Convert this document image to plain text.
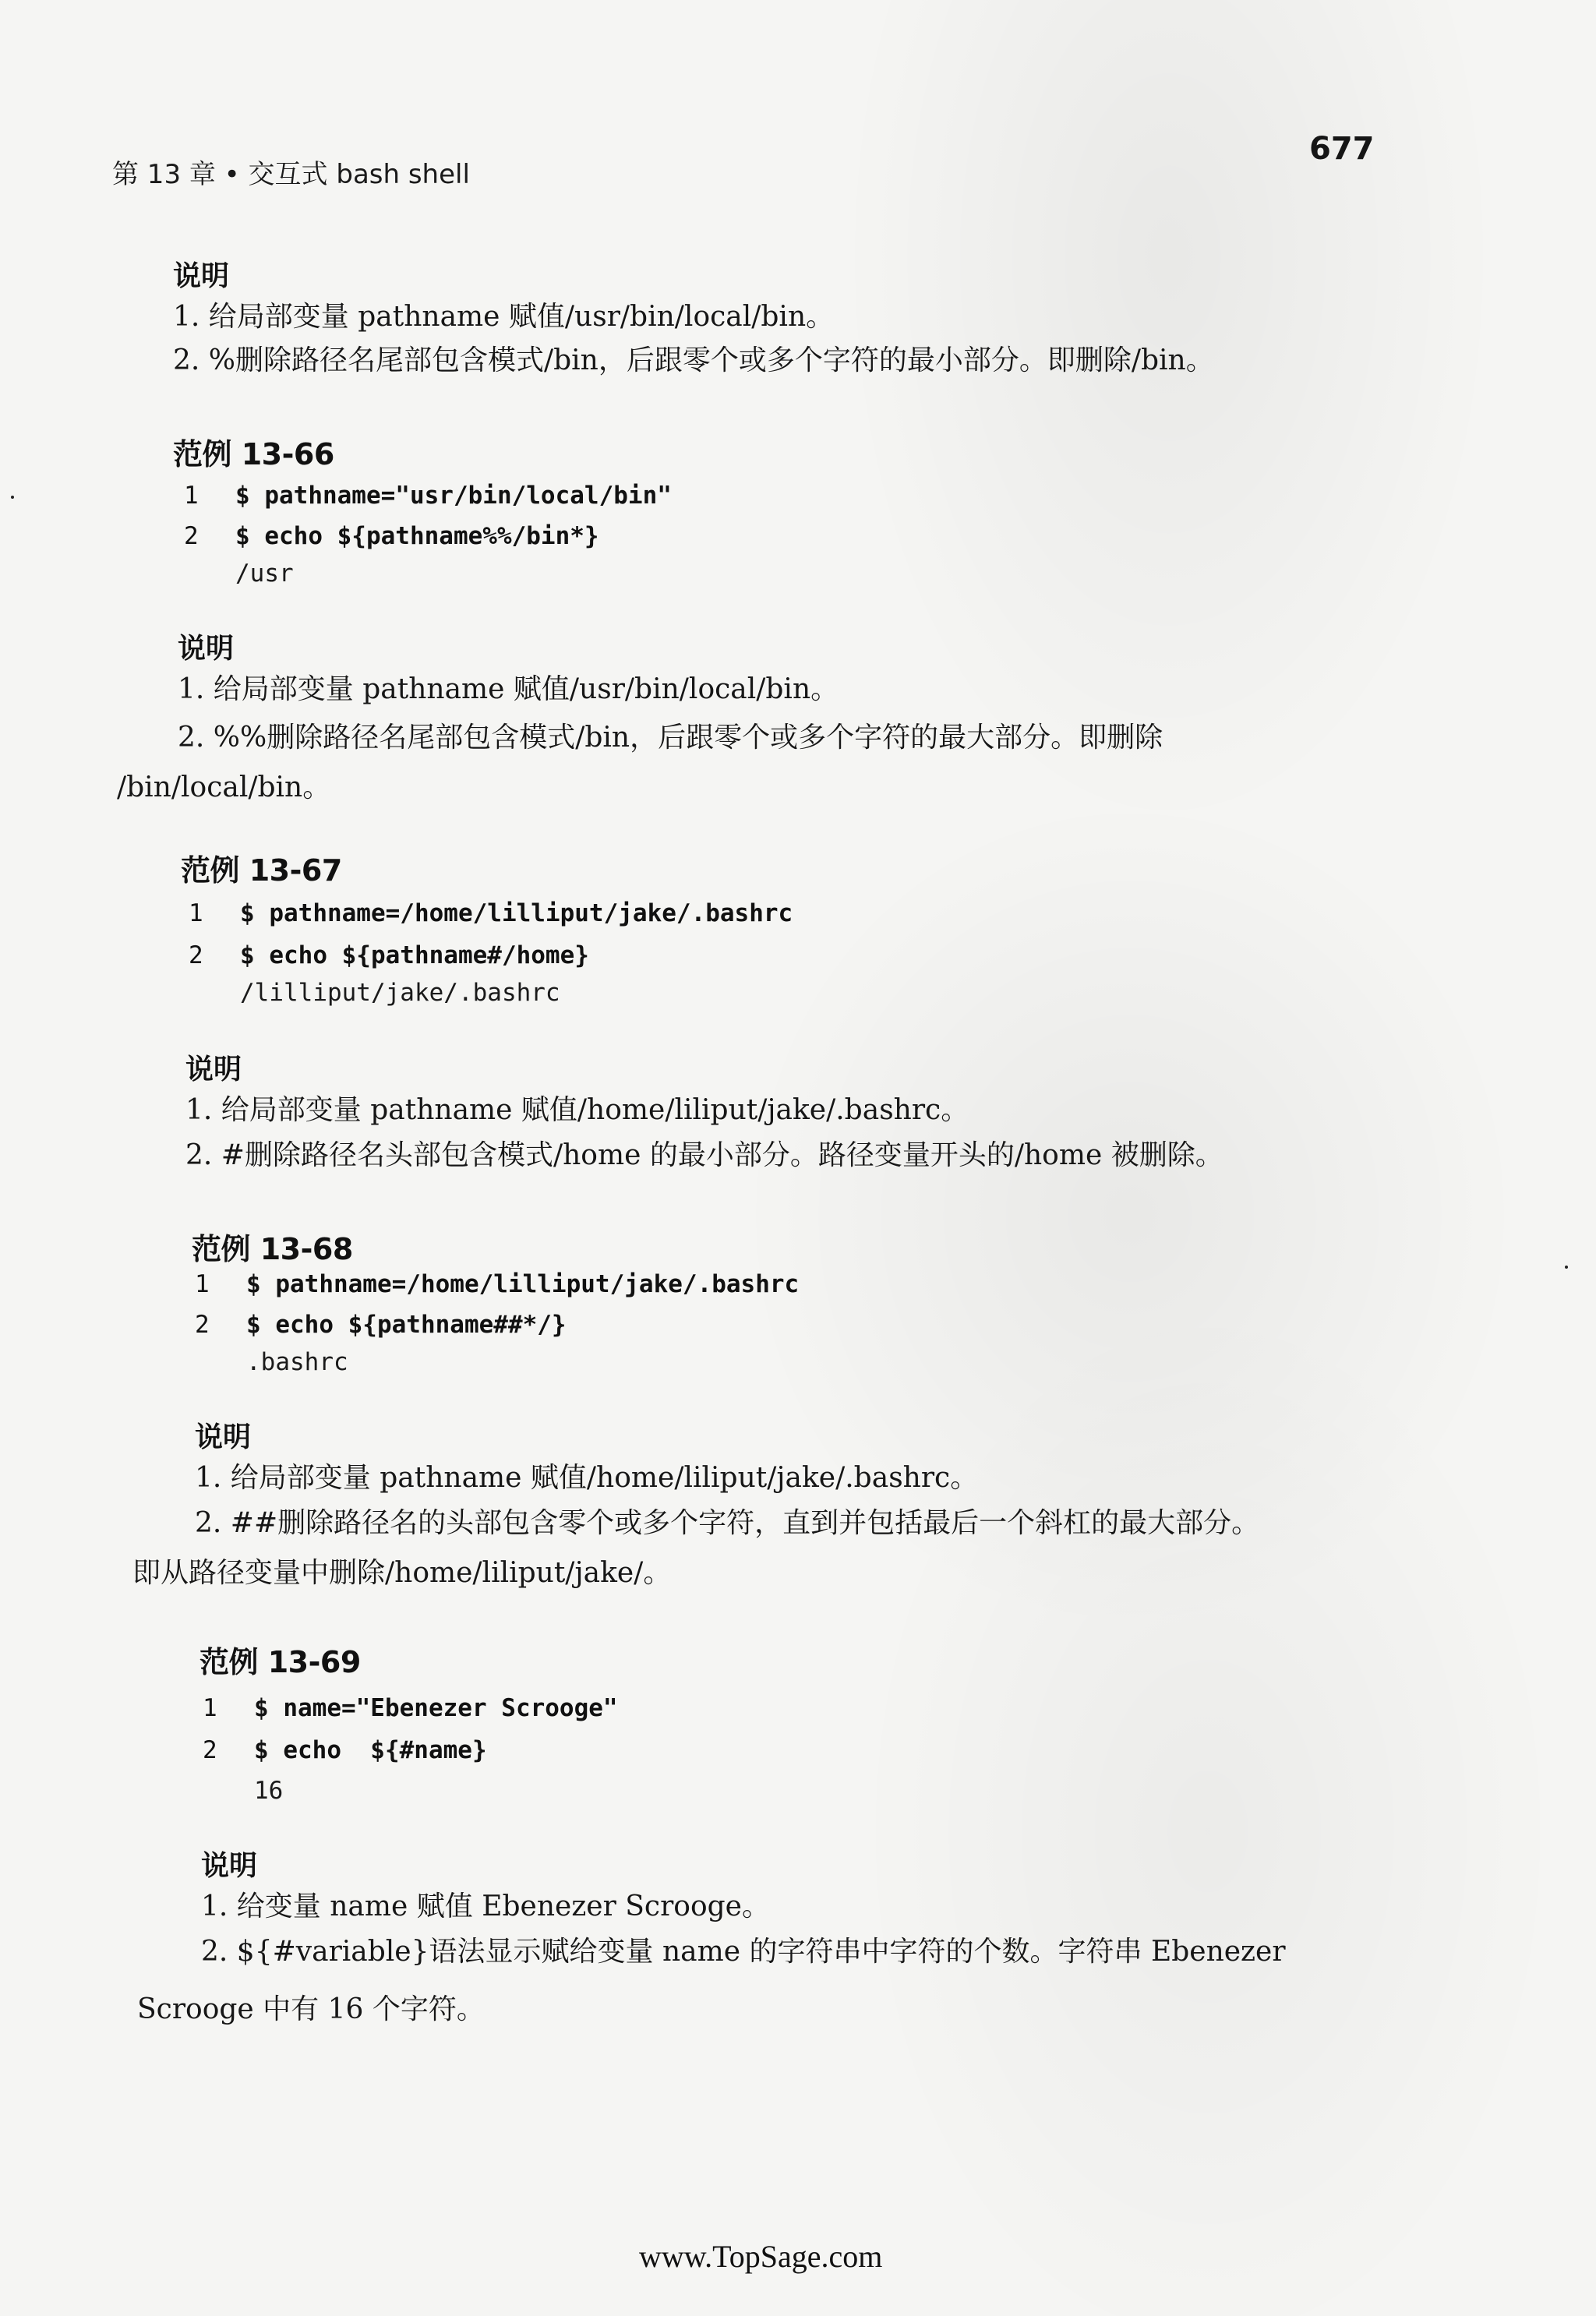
第 13 章 • 交互式 bash shell
677
说明
1. 给局部变量 pathname 赋值/usr/bin/local/bin。
2. %删除路径名尾部包含模式/bin，后跟零个或多个字符的最小部分。即删除/bin。
范例 13-66
1 $ pathname="usr/bin/local/bin"
2 $ echo ${pathname%%/bin*}
/usr
说明
1. 给局部变量 pathname 赋值/usr/bin/local/bin。
2. %%删除路径名尾部包含模式/bin，后跟零个或多个字符的最大部分。即删除
/bin/local/bin。
范例 13-67
1 $ pathname=/home/lilliput/jake/.bashrc
2 $ echo ${pathname#/home}
/lilliput/jake/.bashrc
说明
1. 给局部变量 pathname 赋值/home/liliput/jake/.bashrc。
2. #删除路径名头部包含模式/home 的最小部分。路径变量开头的/home 被删除。
范例 13-68
1 $ pathname=/home/lilliput/jake/.bashrc
2 $ echo ${pathname##*/}
.bashrc
说明
1. 给局部变量 pathname 赋值/home/liliput/jake/.bashrc。
2. ##删除路径名的头部包含零个或多个字符，直到并包括最后一个斜杠的最大部分。
即从路径变量中删除/home/liliput/jake/。
范例 13-69
1 $ name="Ebenezer Scrooge"
2 $ echo  ${#name}
16
说明
1. 给变量 name 赋值 Ebenezer Scrooge。
2. ${#variable}语法显示赋给变量 name 的字符串中字符的个数。字符串 Ebenezer
Scrooge 中有 16 个字符。
www.TopSage.com
